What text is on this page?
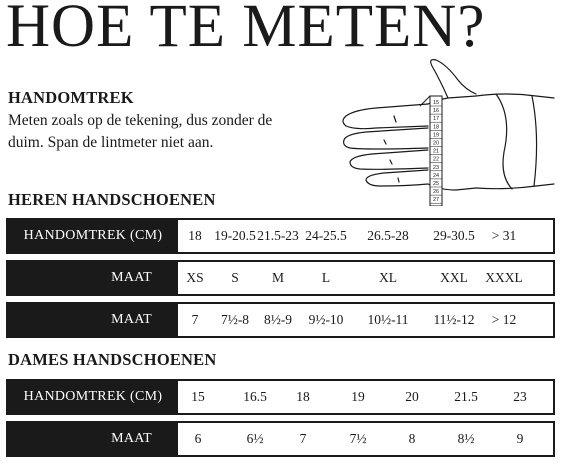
HOE TE METEN?
HANDOMTREK
Meten zoals op de tekening, dus zonder de
duim. Span de lintmeter niet aan.
15
16
17
18
19
20
21
22
23
24
25
26
27
HEREN HANDSCHOENEN
HANDOMTREK (CM)	18 19-20.5 21.5-23 24-25.5 26.5-28 29-30.5 > 31
MAAT	XS S M	L	XL	XXL XXXL
MAAT	7 7½-8 8½-9 9½-10 10½-11 11½-12 > 12
DAMES HANDSCHOENEN
HANDOMTREK (CM)	15	16.5 18	19	20	21.5	23
MAAT	6	6½	7	7½	8	8½	9
